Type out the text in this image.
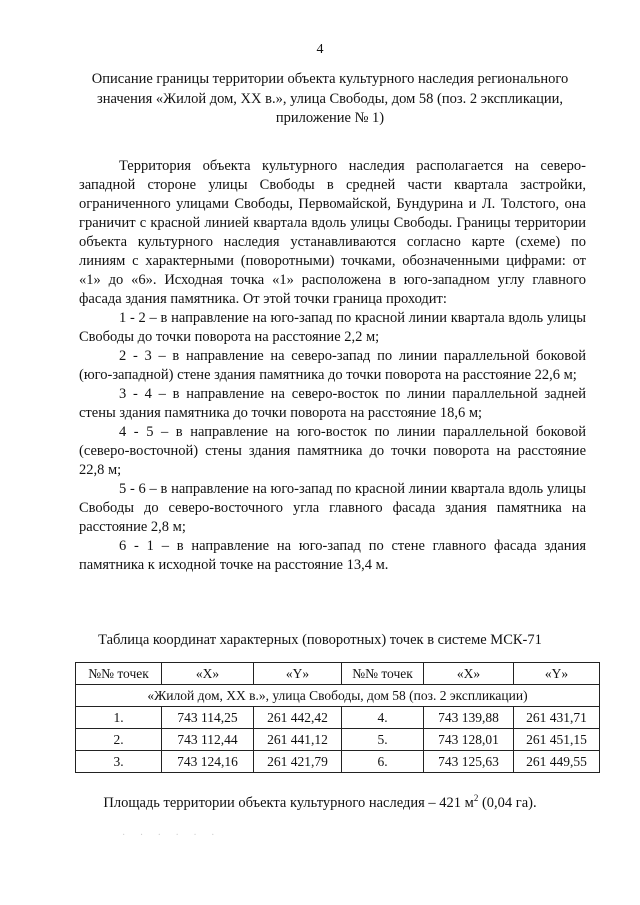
4
Описание границы территории объекта культурного наследия регионального значения «Жилой дом, XX в.», улица Свободы, дом 58 (поз. 2 экспликации, приложение № 1)

Территория объекта культурного наследия располагается на северо-западной стороне улицы Свободы в средней части квартала застройки, ограниченного улицами Свободы, Первомайской, Бундурина и Л. Толстого, она граничит с красной линией квартала вдоль улицы Свободы. Границы территории объекта культурного наследия устанавливаются согласно карте (схеме) по линиям с характерными (поворотными) точками, обозначенными цифрами: от «1» до «6». Исходная точка «1» расположена в юго-западном углу главного фасада здания памятника. От этой точки граница проходит:

1 - 2 – в направление на юго-запад по красной линии квартала вдоль улицы Свободы до точки поворота на расстояние 2,2 м;

2 - 3 – в направление на северо-запад по линии параллельной боковой (юго-западной) стене здания памятника до точки поворота на расстояние 22,6 м;

3 - 4 – в направление на северо-восток по линии параллельной задней стены здания памятника до точки поворота на расстояние 18,6 м;

4 - 5 – в направление на юго-восток по линии параллельной боковой (северо-восточной) стены здания памятника до точки поворота на расстояние 22,8 м;

5 - 6 – в направление на юго-запад по красной линии квартала вдоль улицы Свободы до северо-восточного угла главного фасада здания памятника на расстояние 2,8 м;

6 - 1 – в направление на юго-запад по стене главного фасада здания памятника к исходной точке на расстояние 13,4 м.

Таблица координат характерных (поворотных) точек в системе МСК-71
№№ точек	«X»	«Y»	№№ точек	«X»	«Y»
«Жилой дом, XX в.», улица Свободы, дом 58 (поз. 2 экспликации)					
1.	743 114,25	261 442,42	4.	743 139,88	261 431,71
2.	743 112,44	261 441,12	5.	743 128,01	261 451,15
3.	743 124,16	261 421,79	6.	743 125,63	261 449,55
Площадь территории объекта культурного наследия – 421 $м^2$ (0,04 га).
· · · · · ·
